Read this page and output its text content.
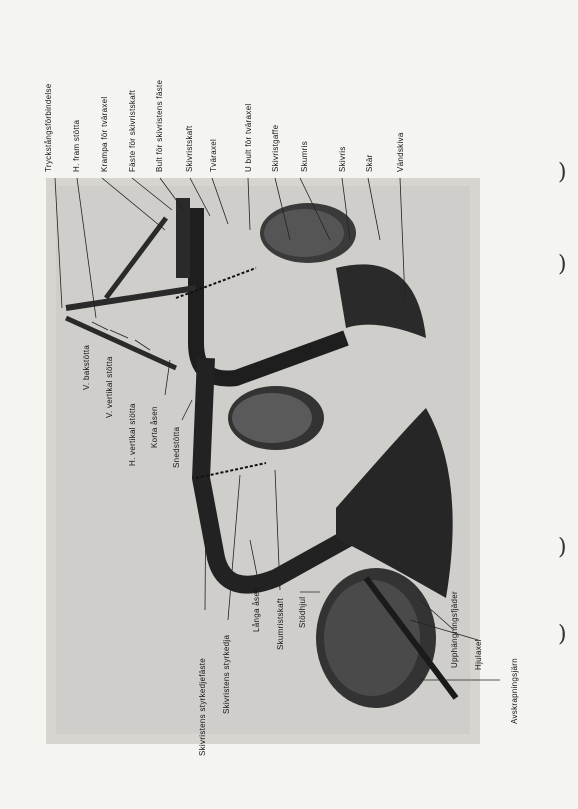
Tryckstångsförbindelse H. fram stötta Krampa för tväraxel Fäste för skivristskaft Bult för skivristens fäste	Skivristskaft Tväraxel	U bult för tväraxel Skivristgaffe	Skumris	Skivris Skär	Vändskiva
V. bakstötta V. vertikal stötta
H. vertikal stötta Korta åsen Snedstötta
Skivristens styrkedjefäste Skivristens styrkedja
Långa åsen Skumristskaft Stödhjul	Upphängningsfjäder Hjulaxel
Avskrapningsjärn
)
)
)
)
